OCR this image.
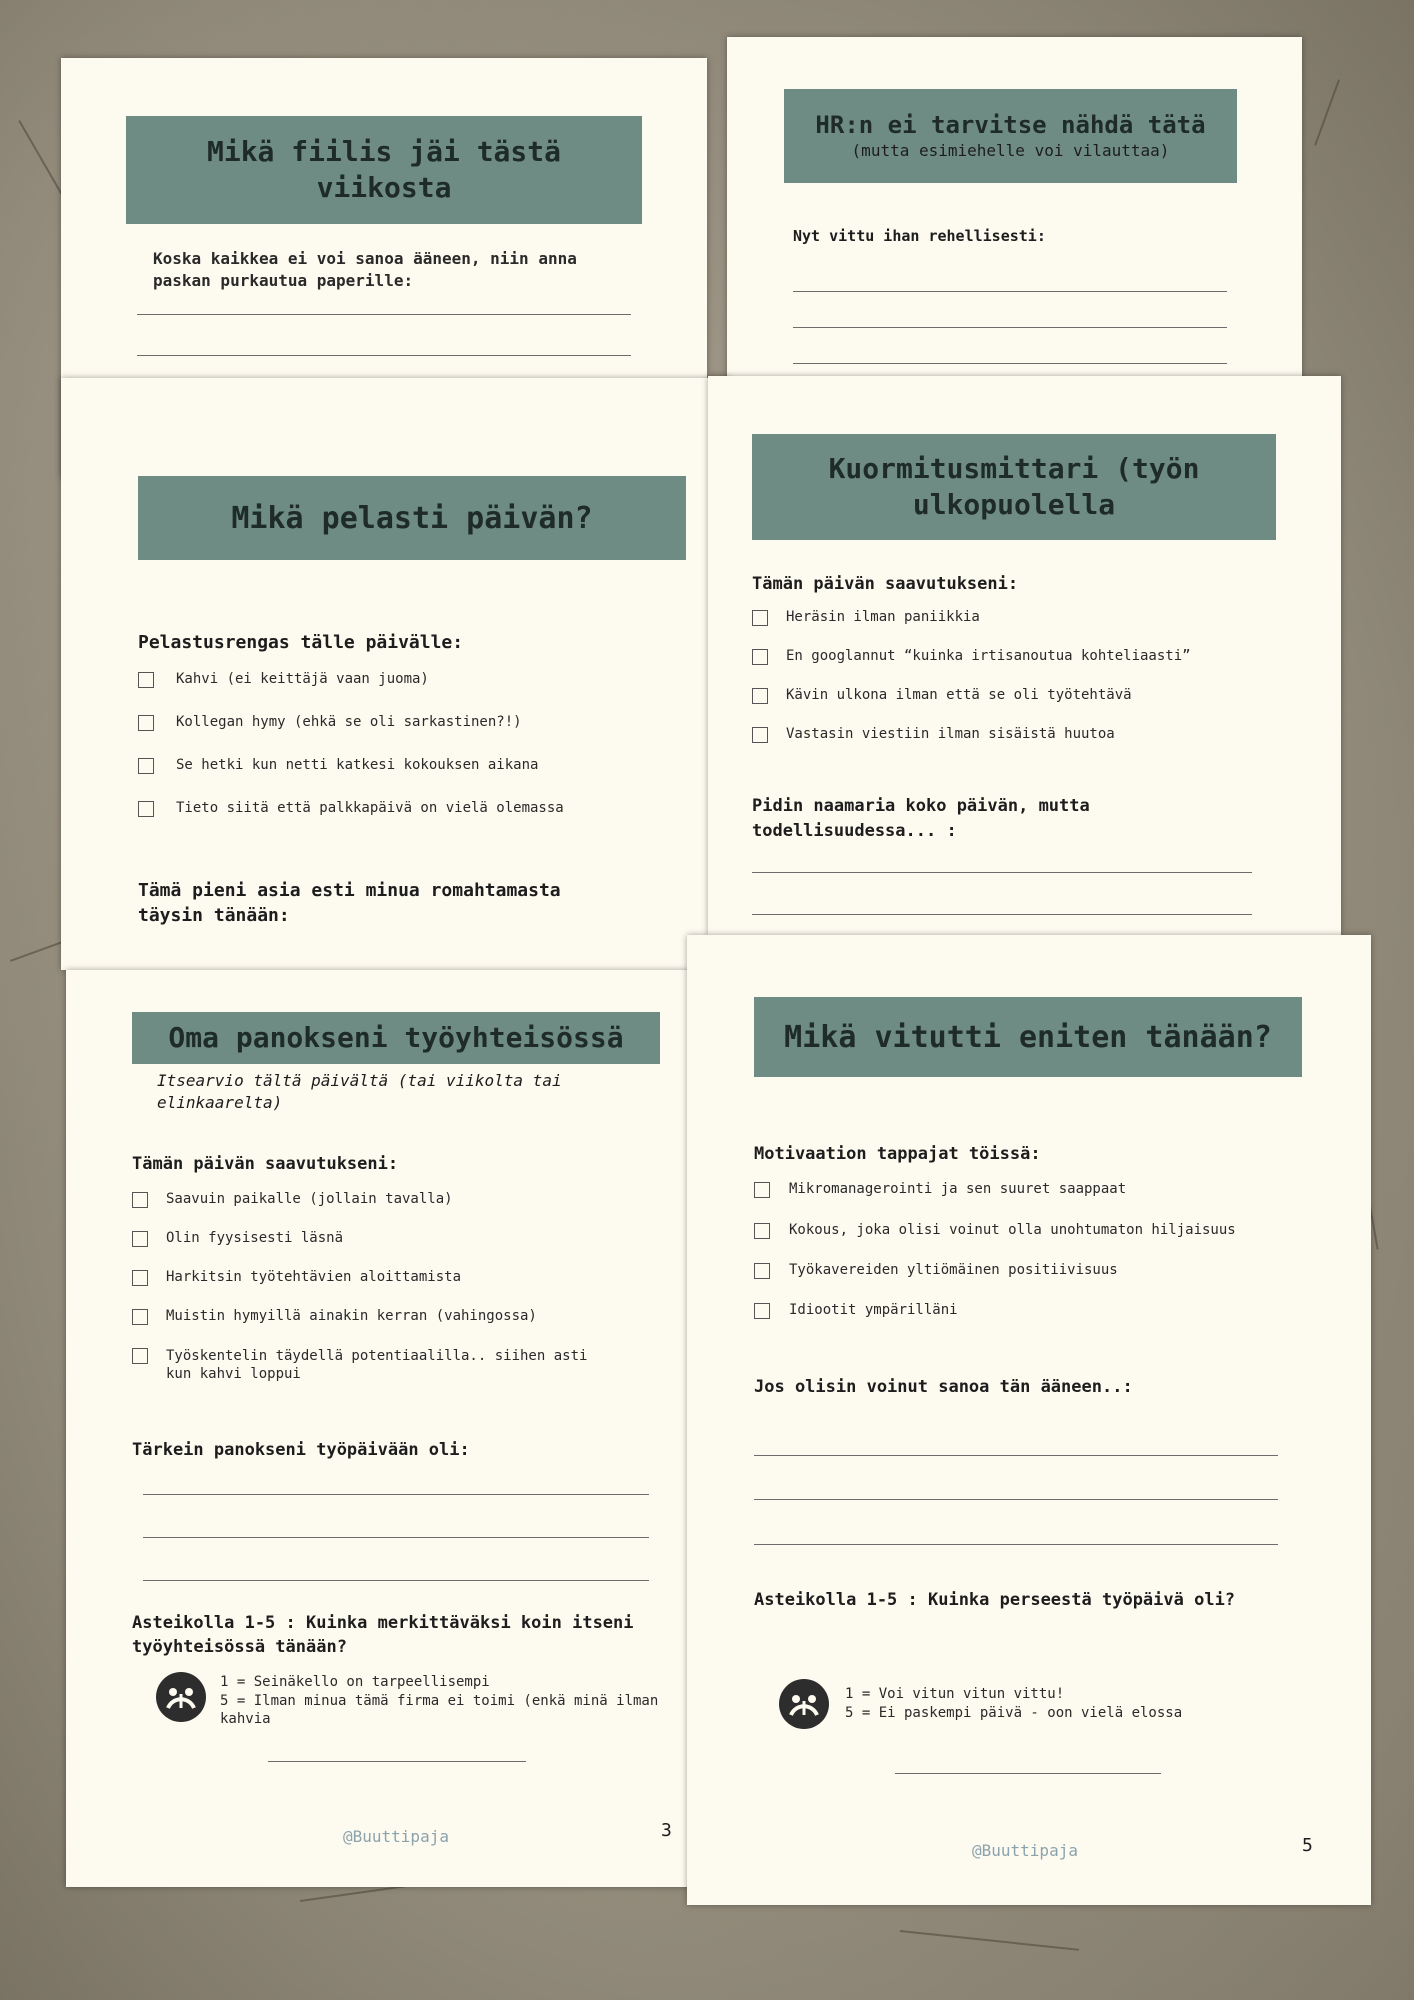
Mikä fiilis jäi tästä viikosta
Koska kaikkea ei voi sanoa ääneen, niin anna paskan purkautua paperille:
HR:n ei tarvitse nähdä tätä
(mutta esimiehelle voi vilauttaa)
Nyt vittu ihan rehellisesti:
Mikä pelasti päivän?
Pelastusrengas tälle päivälle:
Tämä pieni asia esti minua romahtamasta täysin tänään:
Kahvi (ei keittäjä vaan juoma)
Kollegan hymy (ehkä se oli sarkastinen?!)
Se hetki kun netti katkesi kokouksen aikana
Tieto siitä että palkkapäivä on vielä olemassa
Kuormitusmittari (työn ulkopuolella
Tämän päivän saavutukseni:
Pidin naamaria koko päivän, mutta todellisuudessa... :
Heräsin ilman paniikkia
En googlannut “kuinka irtisanoutua kohteliaasti”
Kävin ulkona ilman että se oli työtehtävä
Vastasin viestiin ilman sisäistä huutoa
Oma panokseni työyhteisössä
Itsearvio tältä päivältä (tai viikolta tai elinkaarelta)
Tämän päivän saavutukseni:
Tärkein panokseni työpäivään oli:
Asteikolla 1-5 : Kuinka merkittäväksi koin itseni työyhteisössä tänään?
1 = Seinäkello on tarpeellisempi
5 = Ilman minua tämä firma ei toimi (enkä minä ilman kahvia
@Buuttipaja	3
Saavuin paikalle (jollain tavalla)
Olin fyysisesti läsnä
Harkitsin työtehtävien aloittamista
Muistin hymyillä ainakin kerran (vahingossa)
Työskentelin täydellä potentiaalilla.. siihen asti kun kahvi loppui
Mikä vitutti eniten tänään?
Motivaation tappajat töissä:
Jos olisin voinut sanoa tän ääneen..:
Asteikolla 1-5 : Kuinka perseestä työpäivä oli?
1 = Voi vitun vitun vittu!
5 = Ei paskempi päivä - oon vielä elossa
@Buuttipaja	5
Mikromanagerointi ja sen suuret saappaat
Kokous, joka olisi voinut olla unohtumaton hiljaisuus
Työkavereiden yltiömäinen positiivisuus
Idiootit ympärilläni
